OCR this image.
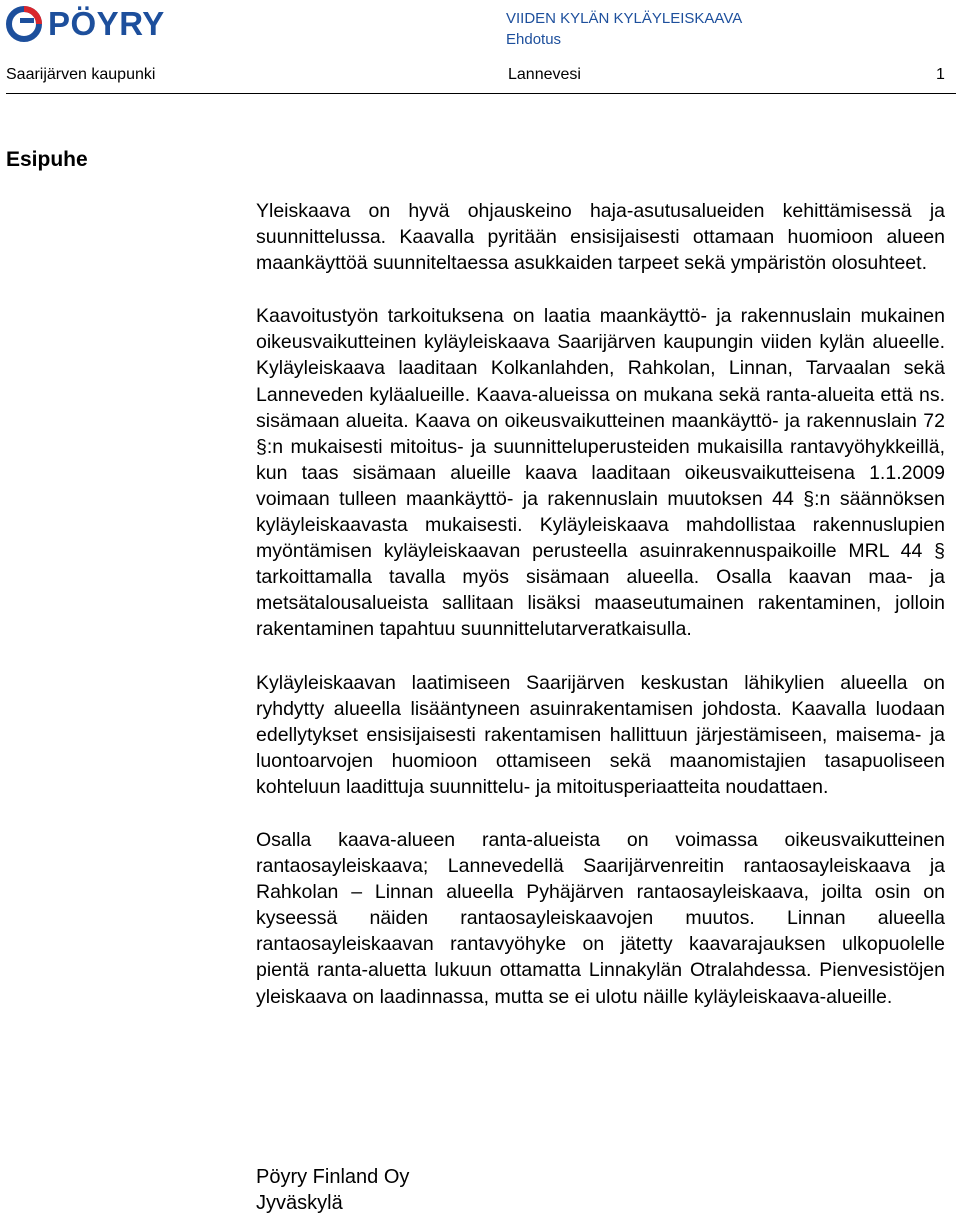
PÖYRY	VIIDEN KYLÄN KYLÄYLEISKAAVA
Ehdotus
Saarijärven kaupunki	Lannevesi	1
Esipuhe

Yleiskaava on hyvä ohjauskeino haja-asutusalueiden kehittämisessä ja suunnittelussa. Kaavalla pyritään ensisijaisesti ottamaan huomioon alueen maankäyttöä suunniteltaessa asukkaiden tarpeet sekä ympäristön olosuhteet.

Kaavoitustyön tarkoituksena on laatia maankäyttö- ja rakennuslain mukainen oikeusvaikutteinen kyläyleiskaava Saarijärven kaupungin viiden kylän alueelle. Kyläyleiskaava laaditaan Kolkanlahden, Rahkolan, Linnan, Tarvaalan sekä Lanneveden kyläalueille. Kaava-alueissa on mukana sekä ranta-alueita että ns. sisämaan alueita. Kaava on oikeusvaikutteinen maankäyttö- ja rakennuslain 72 §:n mukaisesti mitoitus- ja suunnitteluperusteiden mukaisilla rantavyöhykkeillä, kun taas sisämaan alueille kaava laaditaan oikeusvaikutteisena 1.1.2009 voimaan tulleen maankäyttö- ja rakennuslain muutoksen 44 §:n säännöksen kyläyleiskaavasta mukaisesti. Kyläyleiskaava mahdollistaa rakennuslupien myöntämisen kyläyleiskaavan perusteella asuinrakennuspaikoille MRL 44 § tarkoittamalla tavalla myös sisämaan alueella. Osalla kaavan maa- ja metsätalousalueista sallitaan lisäksi maaseutumainen rakentaminen, jolloin rakentaminen tapahtuu suunnittelutarveratkaisulla.

Kyläyleiskaavan laatimiseen Saarijärven keskustan lähikylien alueella on ryhdytty alueella lisääntyneen asuinrakentamisen johdosta. Kaavalla luodaan edellytykset ensisijaisesti rakentamisen hallittuun järjestämiseen, maisema- ja luontoarvojen huomioon ottamiseen sekä maanomistajien tasapuoliseen kohteluun laadittuja suunnittelu- ja mitoitusperiaatteita noudattaen.

Osalla kaava-alueen ranta-alueista on voimassa oikeusvaikutteinen rantaosayleiskaava; Lannevedellä Saarijärvenreitin rantaosayleiskaava ja Rahkolan – Linnan alueella Pyhäjärven rantaosayleiskaava, joilta osin on kyseessä näiden rantaosayleiskaavojen muutos. Linnan alueella rantaosayleiskaavan rantavyöhyke on jätetty kaavarajauksen ulkopuolelle pientä ranta-aluetta lukuun ottamatta Linnakylän Otralahdessa. Pienvesistöjen yleiskaava on laadinnassa, mutta se ei ulotu näille kyläyleiskaava-alueille.

Pöyry Finland Oy
Jyväskylä
